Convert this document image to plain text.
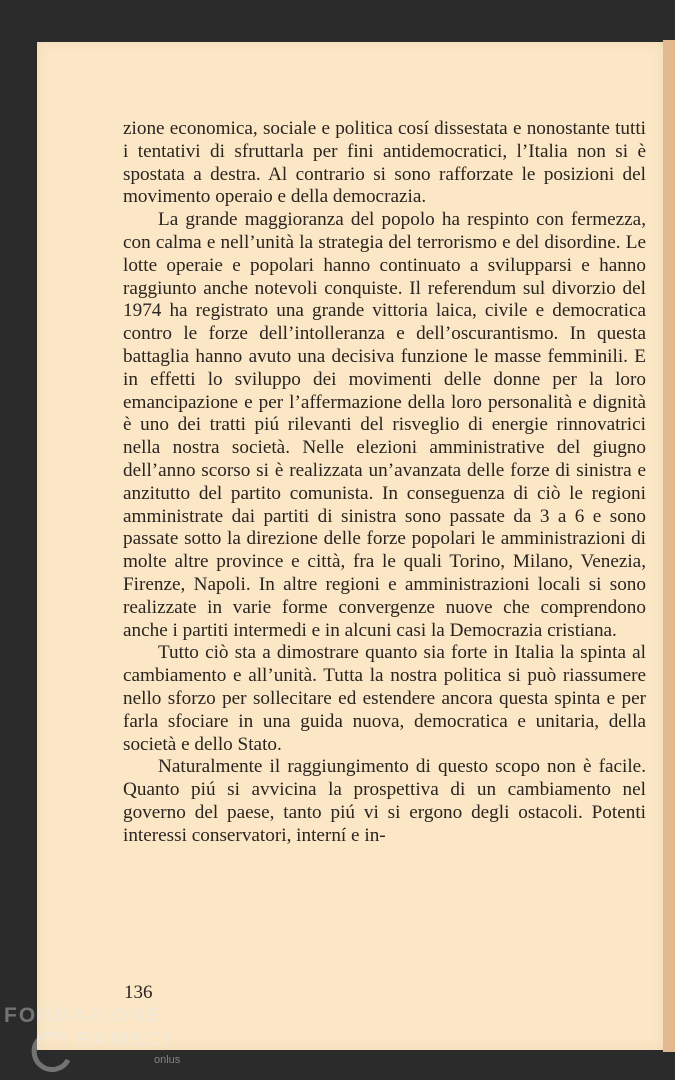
zione economica, sociale e politica cosí dissestata e nonostante tutti i tentativi di sfruttarla per fini antidemocratici, l’Italia non si è spostata a destra. Al contrario si sono rafforzate le posizioni del movimento operaio e della democrazia.

La grande maggioranza del popolo ha respinto con fermezza, con calma e nell’unità la strategia del terrorismo e del disordine. Le lotte operaie e popolari hanno continuato a svilupparsi e hanno raggiunto anche notevoli conquiste. Il referendum sul divorzio del 1974 ha registrato una grande vittoria laica, civile e democratica contro le forze dell’intolleranza e dell’oscurantismo. In questa battaglia hanno avuto una decisiva funzione le masse femminili. E in effetti lo sviluppo dei movimenti delle donne per la loro emancipazione e per l’affermazione della loro personalità e dignità è uno dei tratti piú rilevanti del risveglio di energie rinnovatrici nella nostra società. Nelle elezioni amministrative del giugno dell’anno scorso si è realizzata un’avanzata delle forze di sinistra e anzitutto del partito comunista. In conseguenza di ciò le regioni amministrate dai partiti di sinistra sono passate da 3 a 6 e sono passate sotto la direzione delle forze popolari le amministrazioni di molte altre province e città, fra le quali Torino, Milano, Venezia, Firenze, Napoli. In altre regioni e amministrazioni locali si sono realizzate in varie forme convergenze nuove che comprendono anche i partiti intermedi e in alcuni casi la Democrazia cristiana.

Tutto ciò sta a dimostrare quanto sia forte in Italia la spinta al cambiamento e all’unità. Tutta la nostra politica si può riassumere nello sforzo per sollecitare ed estendere ancora questa spinta e per farla sfociare in una guida nuova, democratica e unitaria, della società e dello Stato.

Naturalmente il raggiungimento di questo scopo non è facile. Quanto piú si avvicina la prospettiva di un cambiamento nel governo del paese, tanto piú vi si ergono degli ostacoli. Potenti interessi conservatori, interní e in-

136
FONDAZIONE
RAMSCI
onlus
